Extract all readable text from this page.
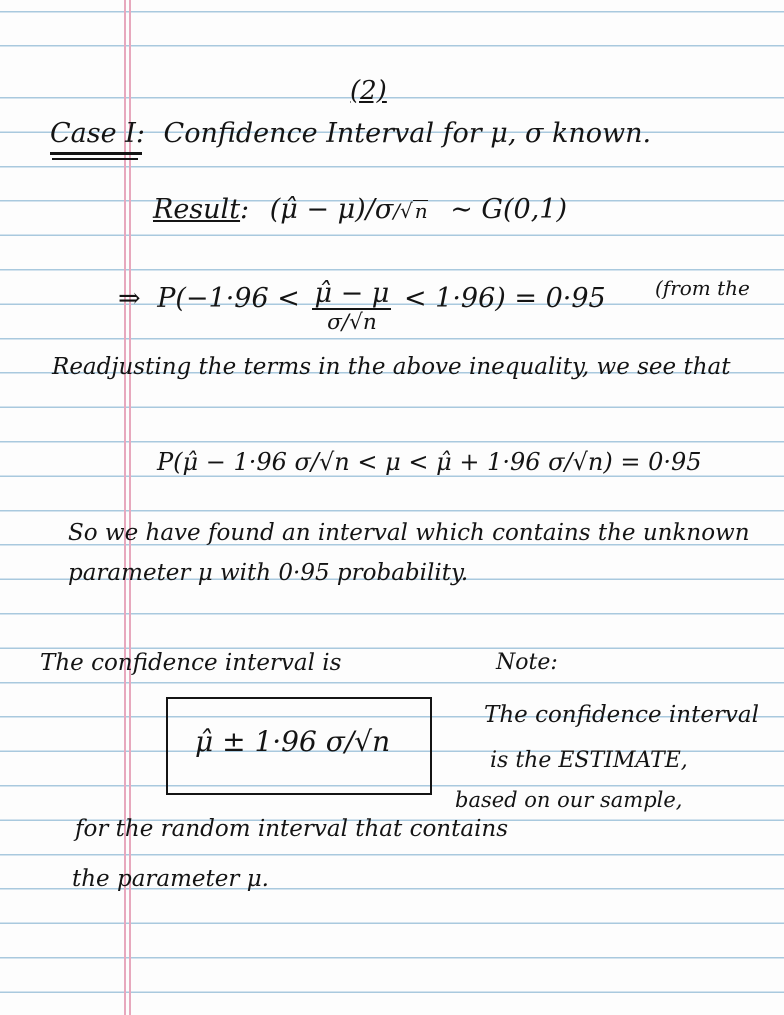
(2)
Case I: Confidence Interval for μ, σ known.
Result: (μ̂ − μ)/σ/√ n ∼ G(0,1)
⇒ $P(-1\cdot 96 < \frac{\mû - \mu}{\sigma/√n} < 1\cdot 96) = 0\cdot 95$ (from the
Readjusting the terms in the above inequality, we see that
P(μ̂ − 1·96 σ/√n < μ < μ̂ + 1·96 σ/√n) = 0·95
So we have found an interval which contains the unknown
parameter μ with 0·95 probability.
The confidence interval is
μ̂ ± 1·96 σ/√n
Note:
The confidence interval
is the ESTIMATE,
based on our sample,
for the random interval that contains
the parameter μ.
